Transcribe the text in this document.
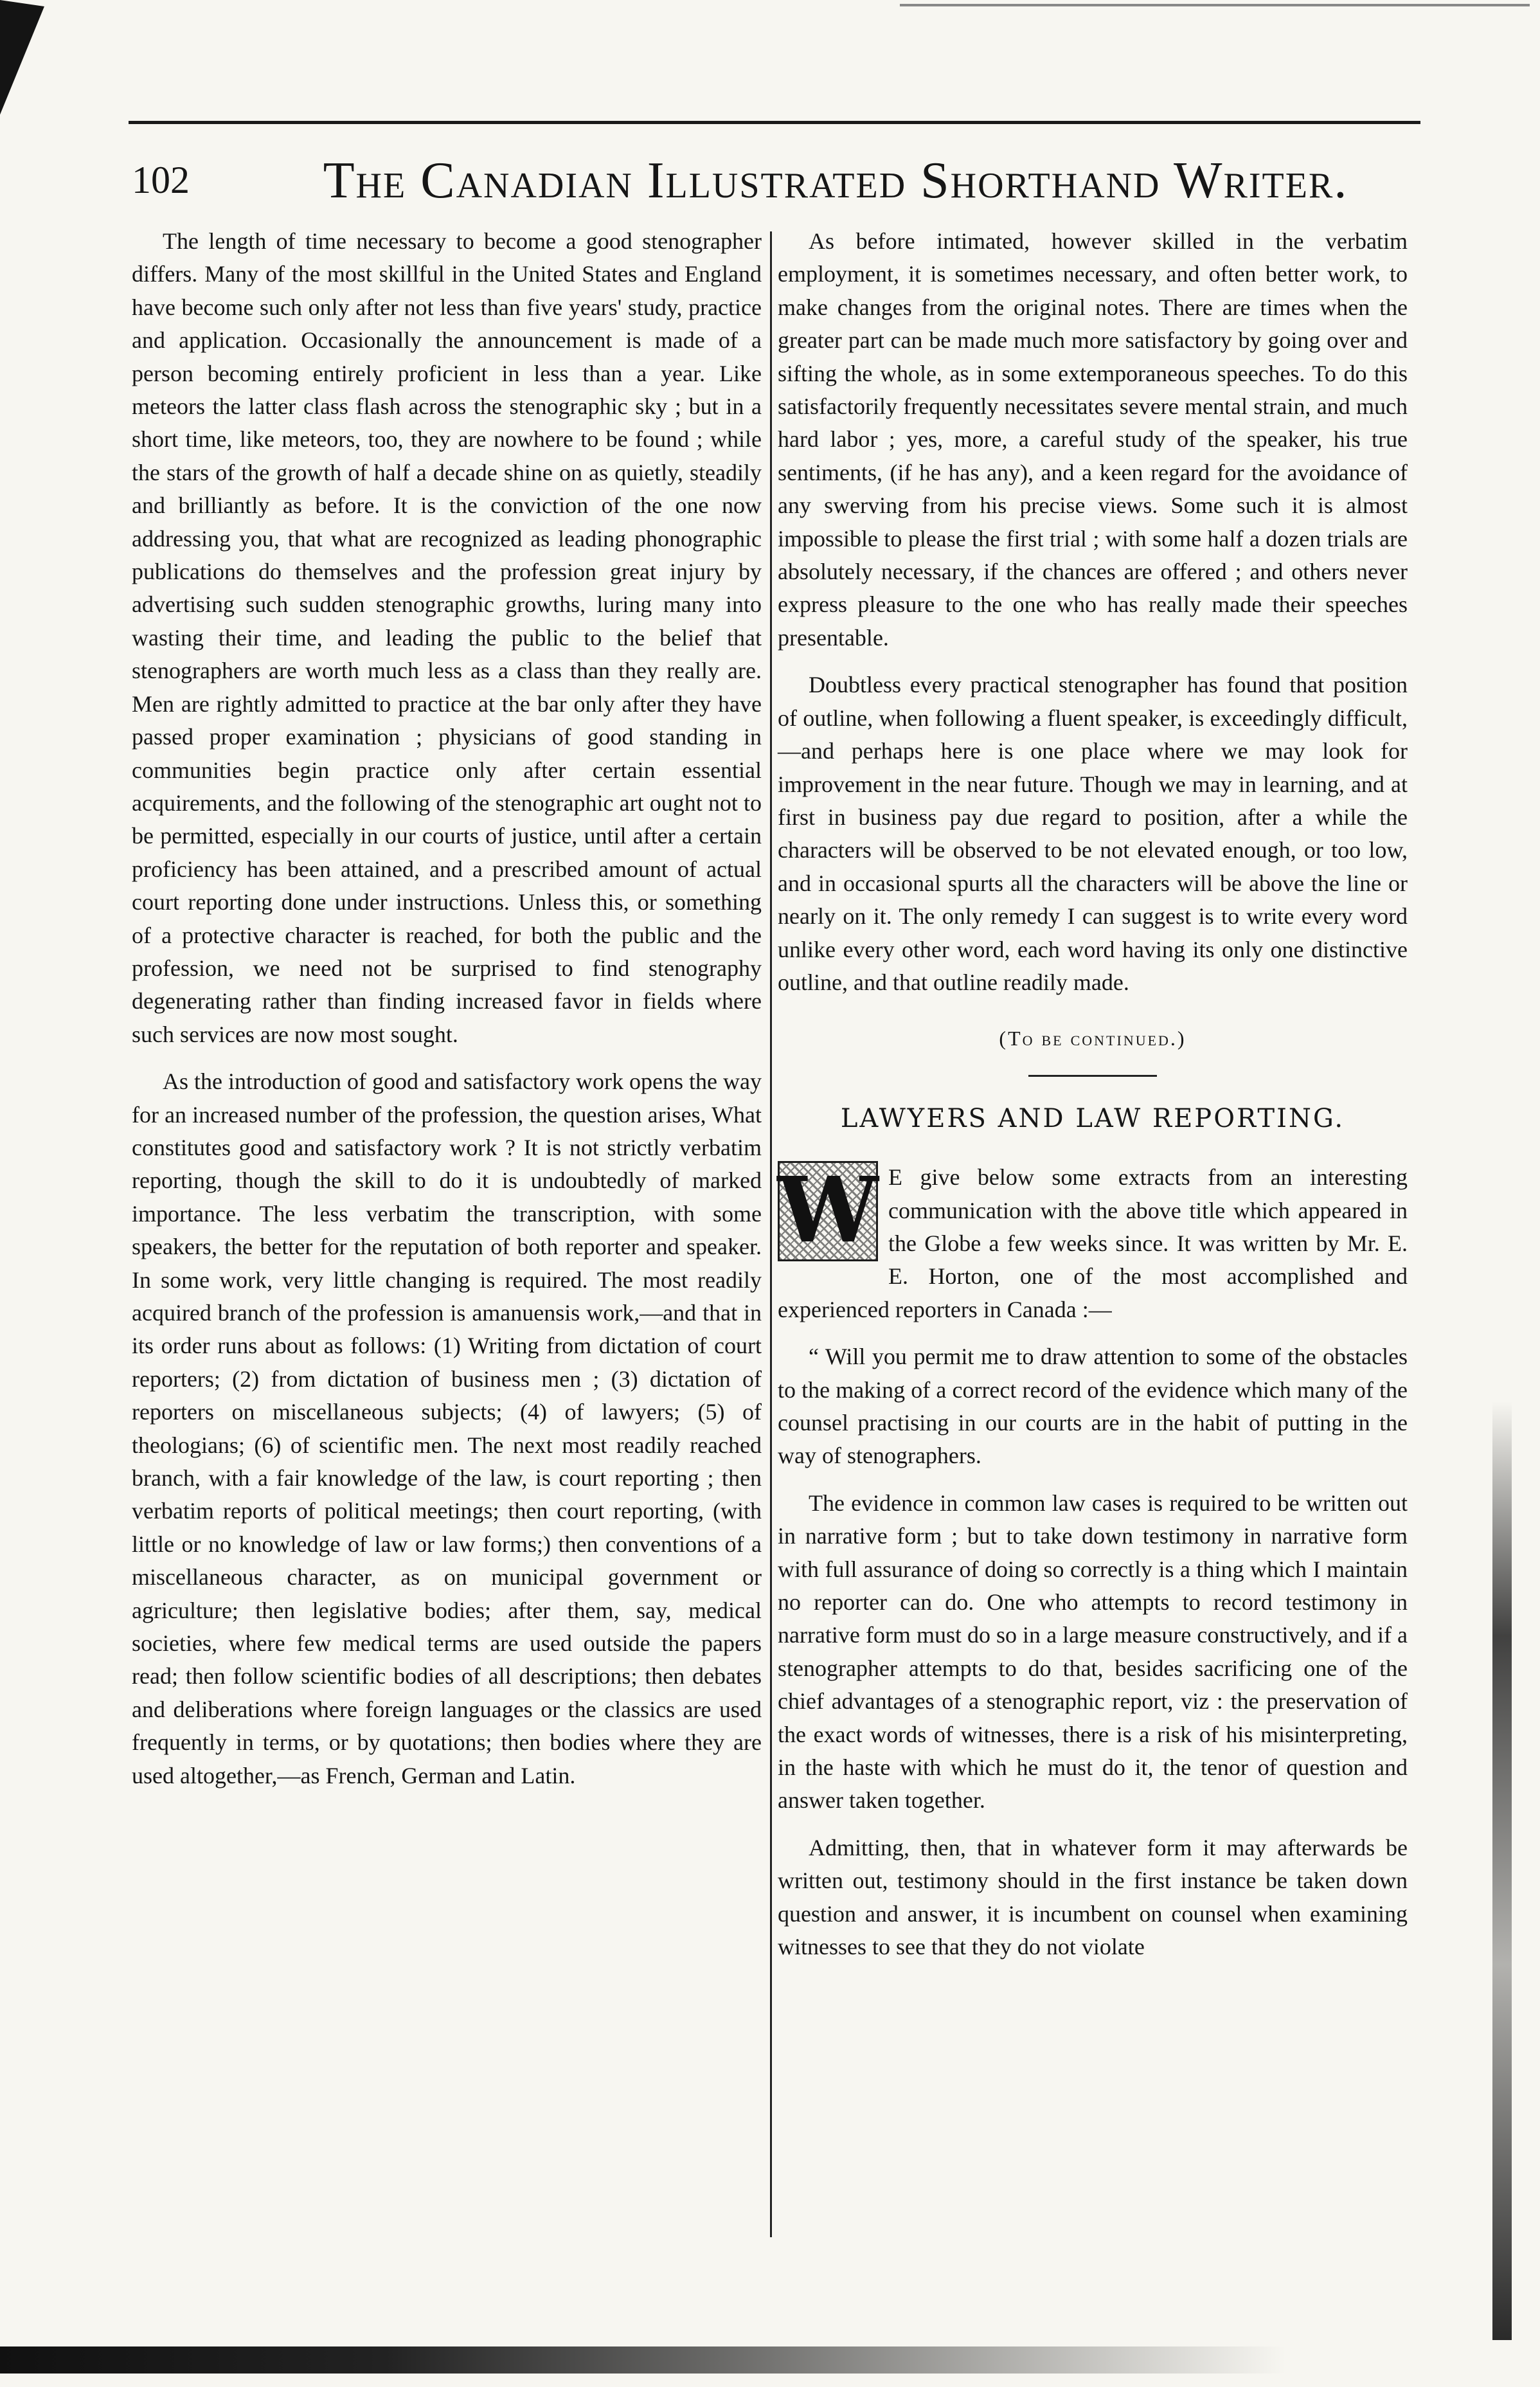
102	The Canadian Illustrated Shorthand Writer.

The length of time necessary to become a good stenographer differs. Many of the most skillful in the United States and England have become such only after not less than five years' study, practice and application. Occasionally the announcement is made of a person becoming entirely proficient in less than a year. Like meteors the latter class flash across the stenographic sky ; but in a short time, like meteors, too, they are nowhere to be found ; while the stars of the growth of half a decade shine on as quietly, steadily and brilliantly as before. It is the conviction of the one now addressing you, that what are recognized as leading phonographic publications do themselves and the profession great injury by advertising such sudden stenographic growths, luring many into wasting their time, and leading the public to the belief that stenographers are worth much less as a class than they really are. Men are rightly admitted to practice at the bar only after they have passed proper examination ; physicians of good standing in communities begin practice only after certain essential acquirements, and the following of the stenographic art ought not to be permitted, especially in our courts of justice, until after a certain proficiency has been attained, and a prescribed amount of actual court reporting done under instructions. Unless this, or something of a protective character is reached, for both the public and the profession, we need not be surprised to find stenography degenerating rather than finding increased favor in fields where such services are now most sought.

As the introduction of good and satisfactory work opens the way for an increased number of the profession, the question arises, What constitutes good and satisfactory work ? It is not strictly verbatim reporting, though the skill to do it is undoubtedly of marked importance. The less verbatim the transcription, with some speakers, the better for the reputation of both reporter and speaker. In some work, very little changing is required. The most readily acquired branch of the profession is amanuensis work,—and that in its order runs about as follows: (1) Writing from dictation of court reporters; (2) from dictation of business men ; (3) dictation of reporters on miscellaneous subjects; (4) of lawyers; (5) of theologians; (6) of scientific men. The next most readily reached branch, with a fair knowledge of the law, is court reporting ; then verbatim reports of political meetings; then court reporting, (with little or no knowledge of law or law forms;) then conventions of a miscellaneous character, as on municipal government or agriculture; then legislative bodies; after them, say, medical societies, where few medical terms are used outside the papers read; then follow scientific bodies of all descriptions; then debates and deliberations where foreign languages or the classics are used frequently in terms, or by quotations; then bodies where they are used altogether,—as French, German and Latin.

As before intimated, however skilled in the verbatim employment, it is sometimes necessary, and often better work, to make changes from the original notes. There are times when the greater part can be made much more satisfactory by going over and sifting the whole, as in some extemporaneous speeches. To do this satisfactorily frequently necessitates severe mental strain, and much hard labor ; yes, more, a careful study of the speaker, his true sentiments, (if he has any), and a keen regard for the avoidance of any swerving from his precise views. Some such it is almost impossible to please the first trial ; with some half a dozen trials are absolutely necessary, if the chances are offered ; and others never express pleasure to the one who has really made their speeches presentable.

Doubtless every practical stenographer has found that position of outline, when following a fluent speaker, is exceedingly difficult,—and perhaps here is one place where we may look for improvement in the near future. Though we may in learning, and at first in business pay due regard to position, after a while the characters will be observed to be not elevated enough, or too low, and in occasional spurts all the characters will be above the line or nearly on it. The only remedy I can suggest is to write every word unlike every other word, each word having its only one distinctive outline, and that outline readily made.

(To be continued.)
LAWYERS AND LAW REPORTING.
W E give below some extracts from an interesting communication with the above title which appeared in the Globe a few weeks since. It was written by Mr. E. E. Horton, one of the most accomplished and experienced reporters in Canada :—

“ Will you permit me to draw attention to some of the obstacles to the making of a correct record of the evidence which many of the counsel practising in our courts are in the habit of putting in the way of stenographers.

The evidence in common law cases is required to be written out in narrative form ; but to take down testimony in narrative form with full assurance of doing so correctly is a thing which I maintain no reporter can do. One who attempts to record testimony in narrative form must do so in a large measure constructively, and if a stenographer attempts to do that, besides sacrificing one of the chief advantages of a stenographic report, viz : the preservation of the exact words of witnesses, there is a risk of his misinterpreting, in the haste with which he must do it, the tenor of question and answer taken together.

Admitting, then, that in whatever form it may afterwards be written out, testimony should in the first instance be taken down question and answer, it is incumbent on counsel when examining witnesses to see that they do not violate
